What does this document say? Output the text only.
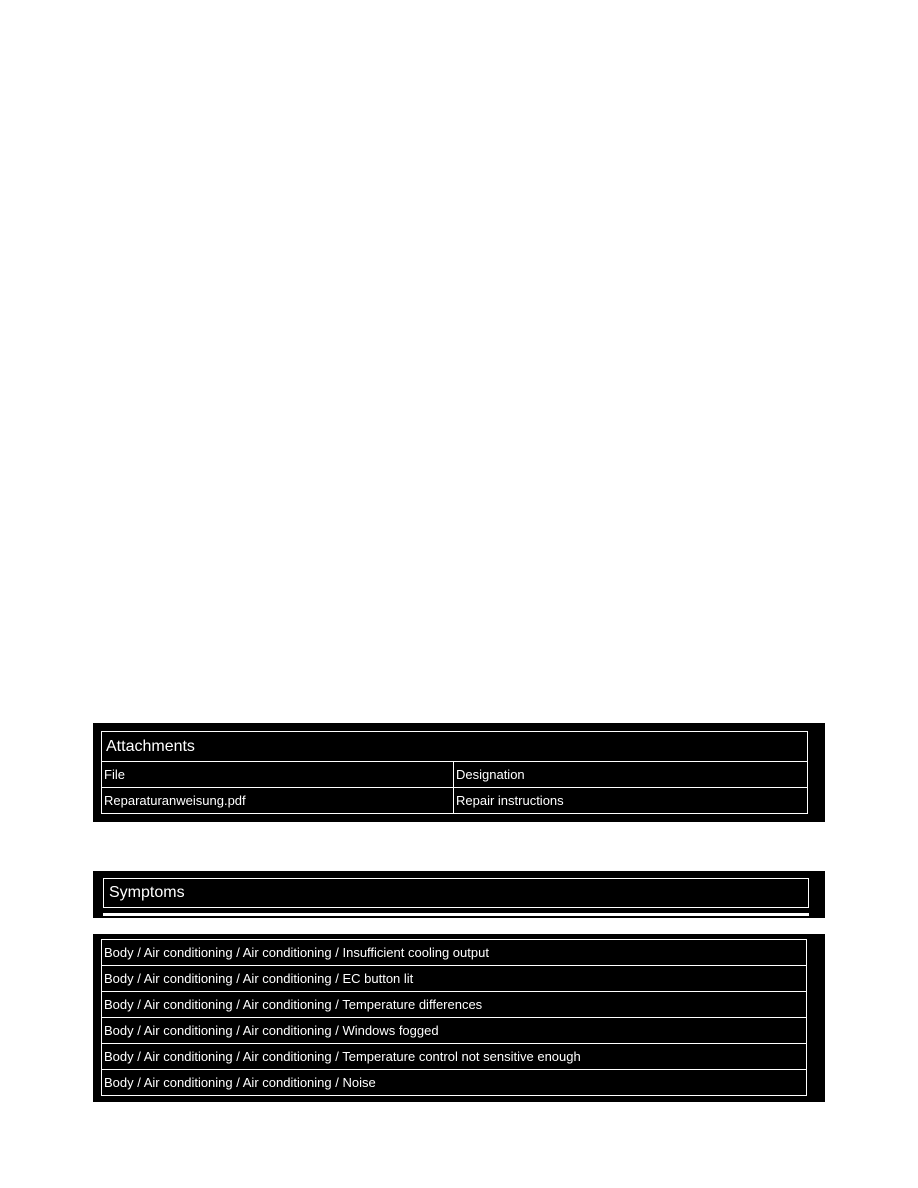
Attachments	
File	Designation
Reparaturanweisung.pdf	Repair instructions
Symptoms
Body / Air conditioning / Air conditioning / Insufficient cooling output
Body / Air conditioning / Air conditioning / EC button lit
Body / Air conditioning / Air conditioning / Temperature differences
Body / Air conditioning / Air conditioning / Windows fogged
Body / Air conditioning / Air conditioning / Temperature control not sensitive enough
Body / Air conditioning / Air conditioning / Noise
